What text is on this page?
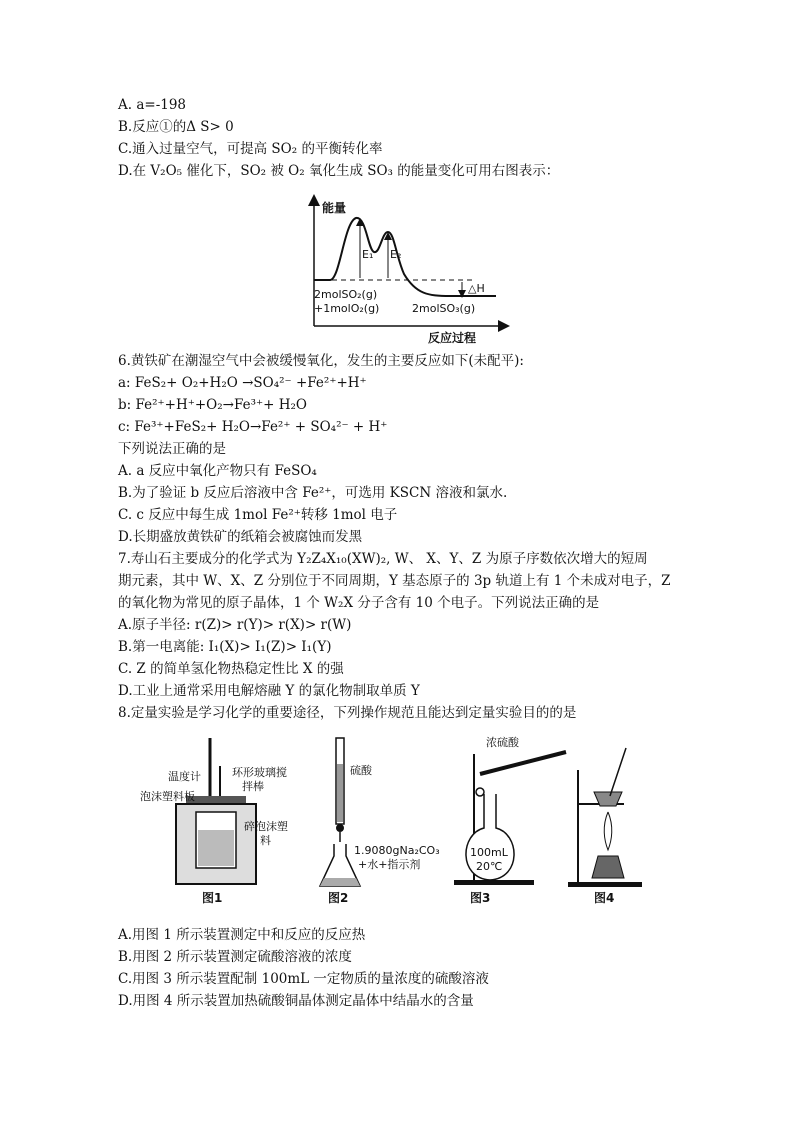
A. a=-198
B.反应①的Δ S> 0
C.通入过量空气，可提高 SO₂ 的平衡转化率
D.在 V₂O₅ 催化下，SO₂ 被 O₂ 氧化生成 SO₃ 的能量变化可用右图表示：
能量
E₁ E₂
△H
2molSO₂(g)
+1molO₂(g)	2molSO₃(g)
反应过程
6.黄铁矿在潮湿空气中会被缓慢氧化，发生的主要反应如下(未配平):
a: FeS₂+ O₂+H₂O →SO₄²⁻ +Fe²⁺+H⁺
b: Fe²⁺+H⁺+O₂→Fe³⁺+ H₂O
c: Fe³⁺+FeS₂+ H₂O→Fe²⁺ + SO₄²⁻ + H⁺
下列说法正确的是
A. a 反应中氧化产物只有 FeSO₄
B.为了验证 b 反应后溶液中含 Fe²⁺，可选用 KSCN 溶液和氯水.
C. c 反应中每生成 1mol Fe²⁺转移 1mol 电子
D.长期盛放黄铁矿的纸箱会被腐蚀而发黑
7.寿山石主要成分的化学式为 Y₂Z₄X₁₀(XW)₂, W、 X、Y、Z 为原子序数依次增大的短周
期元素，其中 W、X、Z 分别位于不同周期，Y 基态原子的 3p 轨道上有 1 个未成对电子，Z
的氧化物为常见的原子晶体，1 个 W₂X 分子含有 10 个电子。下列说法正确的是
A.原子半径: r(Z)> r(Y)> r(X)> r(W)
B.第一电离能: I₁(X)> I₁(Z)> I₁(Y)
C. Z 的简单氢化物热稳定性比 X 的强
D.工业上通常采用电解熔融 Y 的氯化物制取单质 Y
8.定量实验是学习化学的重要途径，下列操作规范且能达到定量实验目的的是
温度计
泡沫塑料板
环形玻璃搅
拌棒
碎泡沫塑
料
图1
硫酸
1.9080gNa₂CO₃
+水+指示剂
图2
浓硫酸
100mL
20℃
图3	图4
A.用图 1 所示装置测定中和反应的反应热
B.用图 2 所示装置测定硫酸溶液的浓度
C.用图 3 所示装置配制 100mL 一定物质的量浓度的硫酸溶液
D.用图 4 所示装置加热硫酸铜晶体测定晶体中结晶水的含量
